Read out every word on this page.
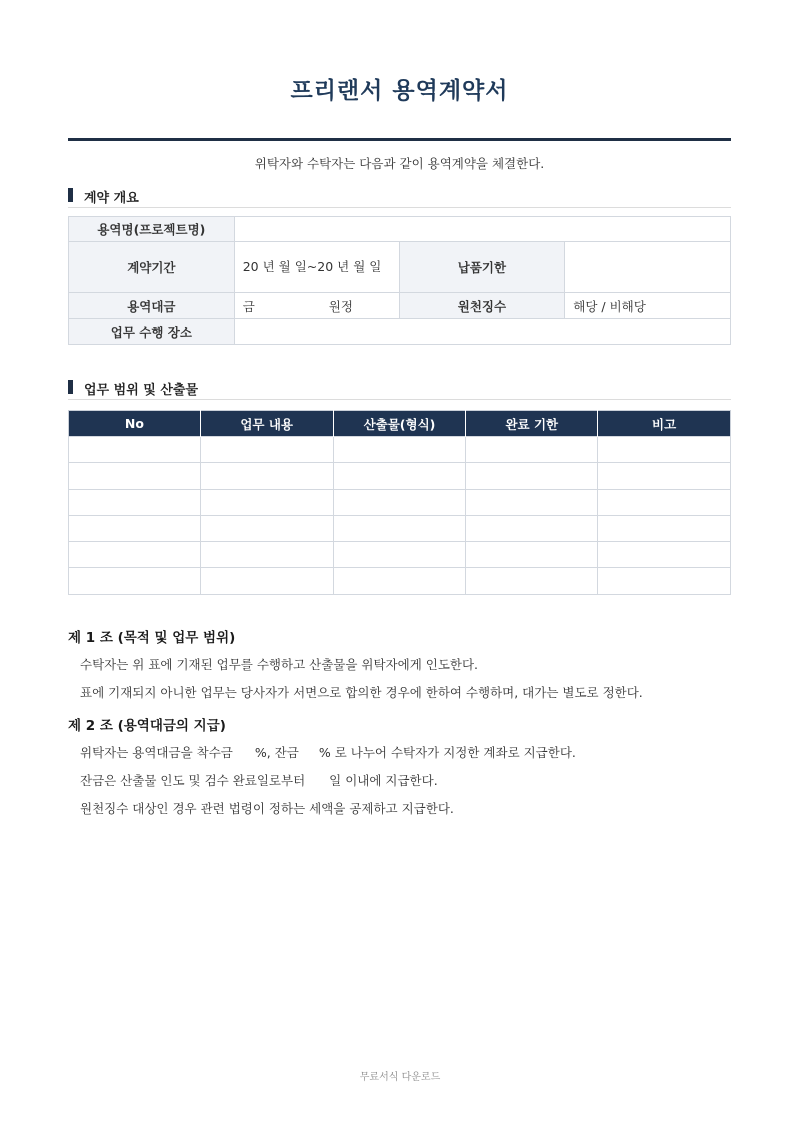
프리랜서 용역계약서
위탁자와 수탁자는 다음과 같이 용역계약을 체결한다.
계약 개요
용역명(프로젝트명)			
계약기간	20 년 월 일~20 년 월 일	납품기한	
용역대금	금 원정	원천징수	해당 / 비해당
업무 수행 장소			
업무 범위 및 산출물
No	업무 내용	산출물(형식)	완료 기한	비고

제 1 조 (목적 및 업무 범위)
수탁자는 위 표에 기재된 업무를 수행하고 산출물을 위탁자에게 인도한다.
표에 기재되지 아니한 업무는 당사자가 서면으로 합의한 경우에 한하여 수행하며, 대가는 별도로 정한다.
제 2 조 (용역대금의 지급)
위탁자는 용역대금을 착수금 %, 잔금 % 로 나누어 수탁자가 지정한 계좌로 지급한다.
잔금은 산출물 인도 및 검수 완료일로부터 일 이내에 지급한다.
원천징수 대상인 경우 관련 법령이 정하는 세액을 공제하고 지급한다.
무료서식 다운로드
